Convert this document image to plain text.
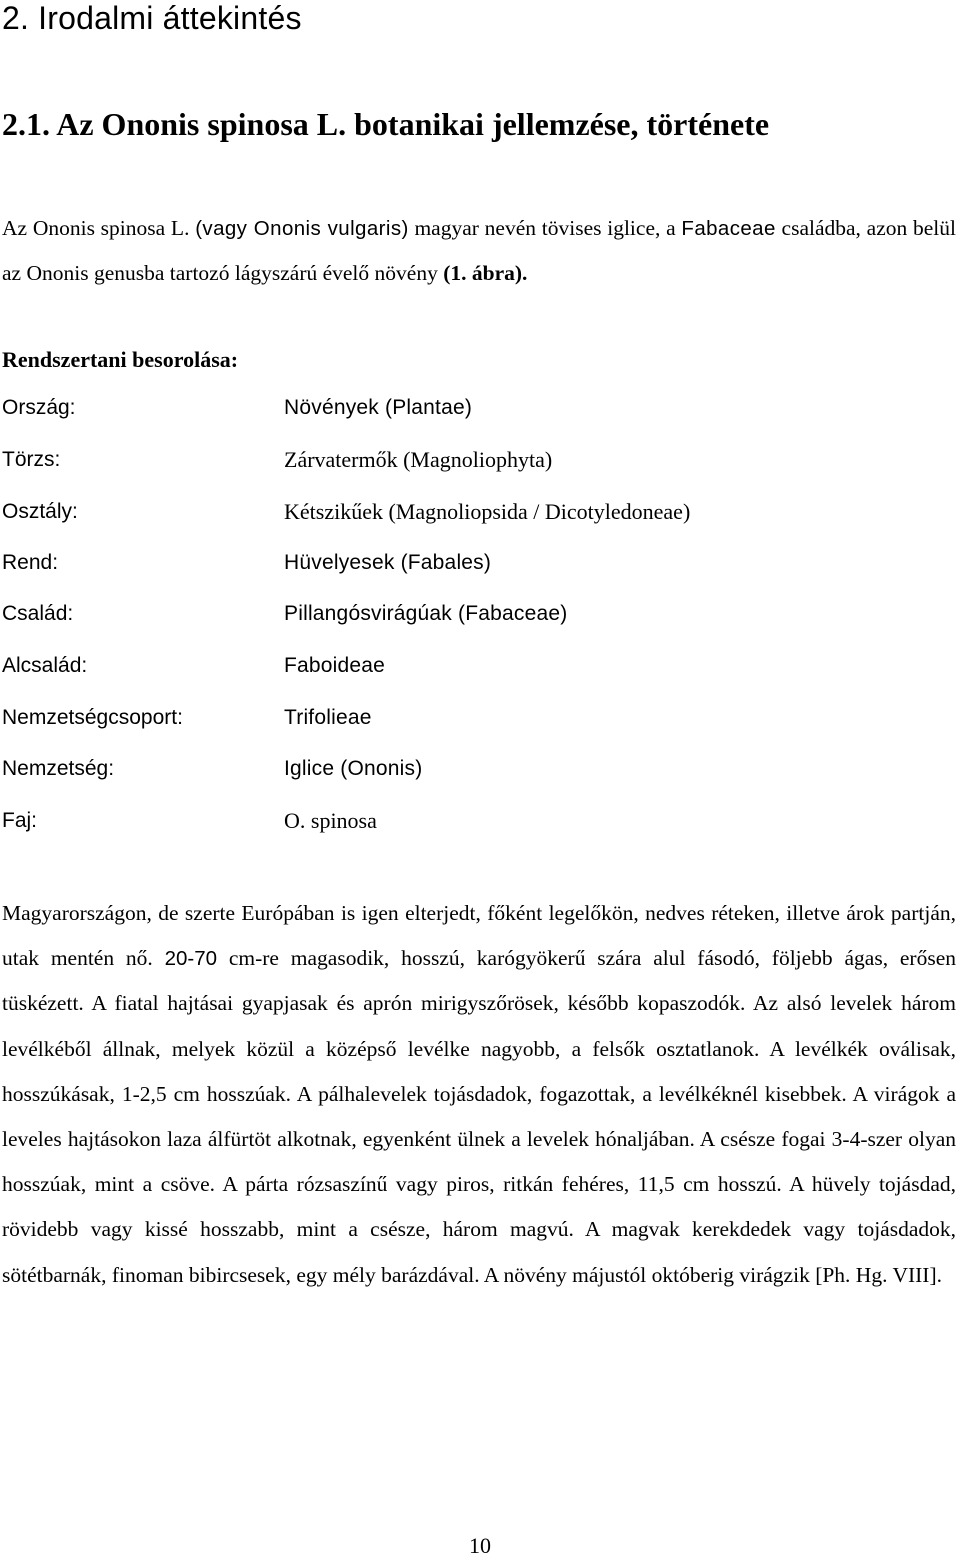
2. Irodalmi áttekintés
2.1. Az Ononis spinosa L. botanikai jellemzése, története
Az Ononis spinosa L. (vagy Ononis vulgaris) magyar nevén tövises iglice, a Fabaceae családba, azon belül az Ononis genusba tartozó lágyszárú évelő növény (1. ábra).
Rendszertani besorolása:
Ország:	Növények (Plantae)
Törzs:	Zárvatermők (Magnoliophyta)
Osztály:	Kétszikűek (Magnoliopsida / Dicotyledoneae)
Rend:	Hüvelyesek (Fabales)
Család:	Pillangósvirágúak (Fabaceae)
Alcsalád:	Faboideae
Nemzetségcsoport:	Trifolieae
Nemzetség:	Iglice (Ononis)
Faj:	O. spinosa
Magyarországon, de szerte Európában is igen elterjedt, főként legelőkön, nedves réteken, illetve árok partján, utak mentén nő. 20-70 cm-re magasodik, hosszú, karógyökerű szára alul fásodó, följebb ágas, erősen tüskézett. A fiatal hajtásai gyapjasak és aprón mirigyszőrösek, később kopaszodók. Az alsó levelek három levélkéből állnak, melyek közül a középső levélke nagyobb, a felsők osztatlanok. A levélkék oválisak, hosszúkásak, 1-2,5 cm hosszúak. A pálhalevelek tojásdadok, fogazottak, a levélkéknél kisebbek. A virágok a leveles hajtásokon laza álfürtöt alkotnak, egyenként ülnek a levelek hónaljában. A csésze fogai 3-4-szer olyan hosszúak, mint a csöve. A párta rózsaszínű vagy piros, ritkán fehéres, 11,5 cm hosszú. A hüvely tojásdad, rövidebb vagy kissé hosszabb, mint a csésze, három magvú. A magvak kerekdedek vagy tojásdadok, sötétbarnák, finoman bibircsesek, egy mély barázdával. A növény májustól októberig virágzik [Ph. Hg. VIII].
10
